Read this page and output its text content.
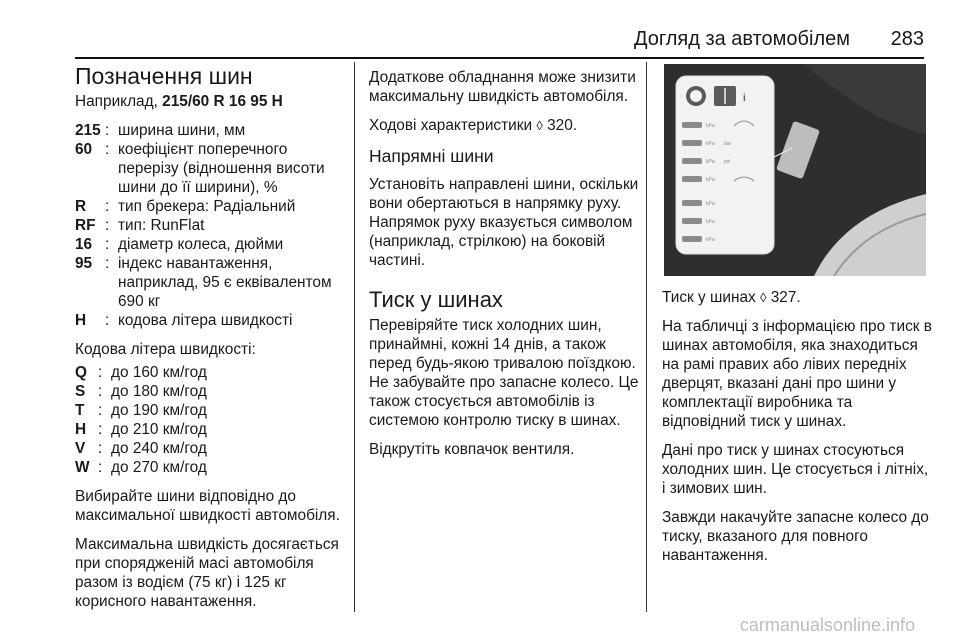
Догляд за автомобілем 283
Позначення шин

Наприклад, 215/60 R 16 95 H

215 : ширина шини, мм
60 : коефіцієнт поперечного перерізу (відношення висоти шини до її ширини), %
R	: тип брекера: Радіальний
RF : тип: RunFlat
16 : діаметр колеса, дюйми
95 : індекс навантаження, наприклад, 95 є еквівалентом 690 кг
H	: кодова літера швидкості

Кодова літера швидкості:

Q : до 160 км/год
S : до 180 км/год
T : до 190 км/год
H : до 210 км/год
V : до 240 км/год
W : до 270 км/год

Вибирайте шини відповідно до максимальної швидкості автомобіля.

Максимальна швидкість досягається при спорядженій масі автомобіля разом із водієм (75 кг) і 125 кг корисного навантаження.

Додаткове обладнання може знизити максимальну швидкість автомобіля.

Ходові характеристики ◊ 320.

Напрямні шини

Установіть направлені шини, оскільки вони обертаються в напрямку руху. Напрямок руху вказується символом (наприклад, стрілкою) на боковій частині.

Тиск у шинах

Перевіряйте тиск холодних шин, принаймні, кожні 14 днів, а також перед будь-якою тривалою поїздкою. Не забувайте про запасне колесо. Це також стосується автомобілів із системою контролю тиску в шинах.

Відкрутіть ковпачок вентиля.

i
kPa
kPa bar
kPa psi
kPa
kPa
kPa
kPa

Тиск у шинах ◊ 327.

На табличці з інформацією про тиск в шинах автомобіля, яка знаходиться на рамі правих або лівих передніх дверцят, вказані дані про шини у комплектації виробника та відповідний тиск у шинах.

Дані про тиск у шинах стосуються холодних шин. Це стосується і літніх, і зимових шин.

Завжди накачуйте запасне колесо до тиску, вказаного для повного навантаження.

carmanualsonline.info
